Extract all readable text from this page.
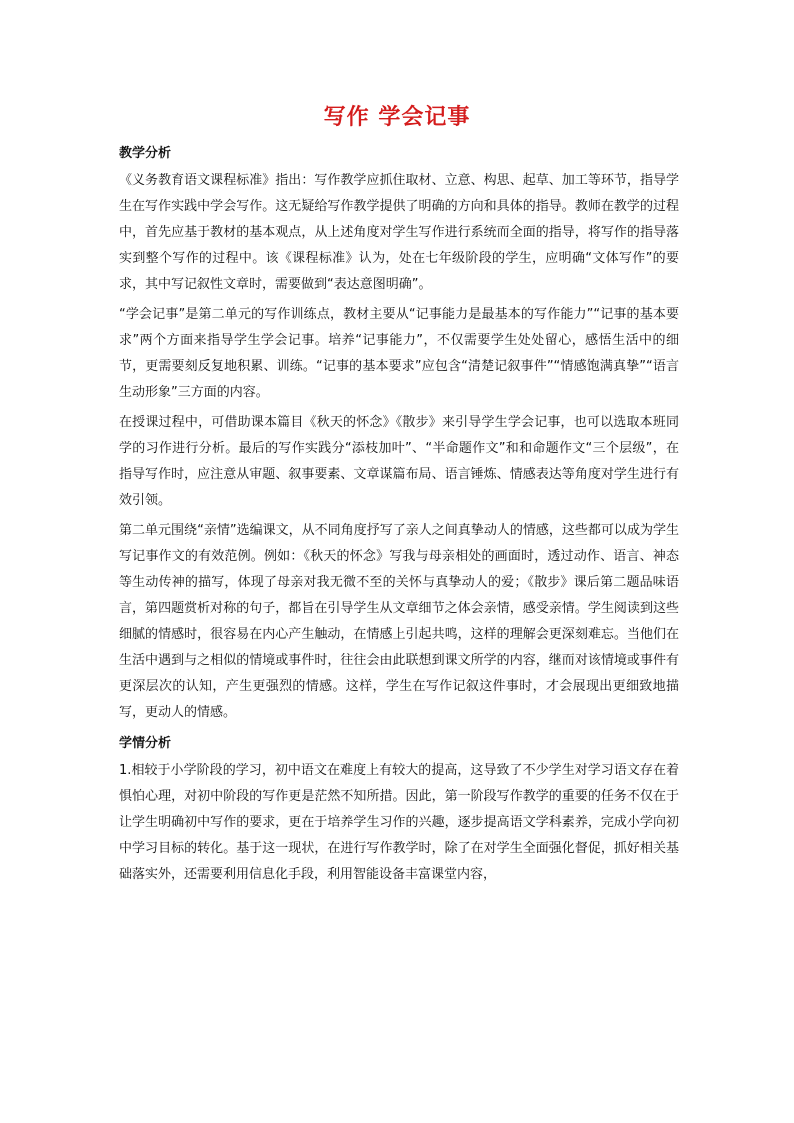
写作 学会记事
教学分析

《义务教育语文课程标准》指出：写作教学应抓住取材、立意、构思、起草、加工等环节，指导学生在写作实践中学会写作。这无疑给写作教学提供了明确的方向和具体的指导。教师在教学的过程中，首先应基于教材的基本观点，从上述角度对学生写作进行系统而全面的指导，将写作的指导落实到整个写作的过程中。该《课程标准》认为，处在七年级阶段的学生，应明确“文体写作”的要求，其中写记叙性文章时，需要做到“表达意图明确”。

“学会记事”是第二单元的写作训练点，教材主要从“记事能力是最基本的写作能力”“记事的基本要求”两个方面来指导学生学会记事。培养“记事能力”，不仅需要学生处处留心，感悟生活中的细节，更需要刻反复地积累、训练。“记事的基本要求”应包含“清楚记叙事件”“情感饱满真挚”“语言生动形象”三方面的内容。

在授课过程中，可借助课本篇目《秋天的怀念》《散步》来引导学生学会记事，也可以选取本班同学的习作进行分析。最后的写作实践分“添枝加叶”、“半命题作文”和和命题作文“三个层级”，在指导写作时，应注意从审题、叙事要素、文章谋篇布局、语言锤炼、情感表达等角度对学生进行有效引领。

第二单元围绕“亲情”选编课文，从不同角度抒写了亲人之间真挚动人的情感，这些都可以成为学生写记事作文的有效范例。例如：《秋天的怀念》写我与母亲相处的画面时，透过动作、语言、神态等生动传神的描写，体现了母亲对我无微不至的关怀与真挚动人的爱；《散步》课后第二题品味语言，第四题赏析对称的句子，都旨在引导学生从文章细节之体会亲情，感受亲情。学生阅读到这些细腻的情感时，很容易在内心产生触动，在情感上引起共鸣，这样的理解会更深刻难忘。当他们在生活中遇到与之相似的情境或事件时，往往会由此联想到课文所学的内容，继而对该情境或事件有更深层次的认知，产生更强烈的情感。这样，学生在写作记叙这件事时，才会展现出更细致地描写，更动人的情感。

学情分析

1.相较于小学阶段的学习，初中语文在难度上有较大的提高，这导致了不少学生对学习语文存在着惧怕心理，对初中阶段的写作更是茫然不知所措。因此，第一阶段写作教学的重要的任务不仅在于让学生明确初中写作的要求，更在于培养学生习作的兴趣，逐步提高语文学科素养，完成小学向初中学习目标的转化。基于这一现状，在进行写作教学时，除了在对学生全面强化督促，抓好相关基础落实外，还需要利用信息化手段，利用智能设备丰富课堂内容，
